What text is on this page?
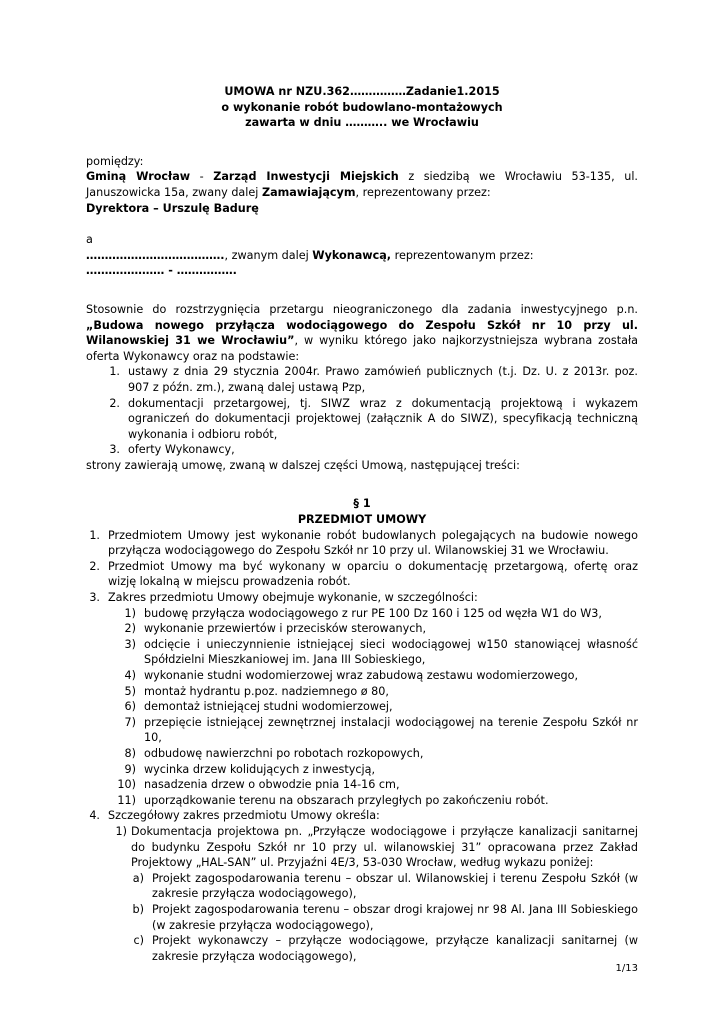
UMOWA nr NZU.362……………Zadanie1.2015
o wykonanie robót budowlano-montażowych
zawarta w dniu ……….. we Wrocławiu
pomiędzy:
Gminą Wrocław - Zarząd Inwestycji Miejskich z siedzibą we Wrocławiu 53-135, ul. Januszowicka 15a, zwany dalej Zamawiającym, reprezentowany przez:
Dyrektora – Urszulę Badurę
a
………………………………., zwanym dalej Wykonawcą, reprezentowanym przez:
………………… - …………….
Stosownie do rozstrzygnięcia przetargu nieograniczonego dla zadania inwestycyjnego p.n. „Budowa nowego przyłącza wodociągowego do Zespołu Szkół nr 10 przy ul. Wilanowskiej 31 we Wrocławiu”, w wyniku którego jako najkorzystniejsza wybrana została oferta Wykonawcy oraz na podstawie:
1. ustawy z dnia 29 stycznia 2004r. Prawo zamówień publicznych (t.j. Dz. U. z 2013r. poz. 907 z późn. zm.), zwaną dalej ustawą Pzp,
2. dokumentacji przetargowej, tj. SIWZ wraz z dokumentacją projektową i wykazem ograniczeń do dokumentacji projektowej (załącznik A do SIWZ), specyfikacją techniczną wykonania i odbioru robót,
3. oferty Wykonawcy,
strony zawierają umowę, zwaną w dalszej części Umową, następującej treści:
§ 1
PRZEDMIOT UMOWY
1. Przedmiotem Umowy jest wykonanie robót budowlanych polegających na budowie nowego przyłącza wodociągowego do Zespołu Szkół nr 10 przy ul. Wilanowskiej 31 we Wrocławiu.
2. Przedmiot Umowy ma być wykonany w oparciu o dokumentację przetargową, ofertę oraz wizję lokalną w miejscu prowadzenia robót.
3. Zakres przedmiotu Umowy obejmuje wykonanie, w szczególności:
1) budowę przyłącza wodociągowego z rur PE 100 Dz 160 i 125 od węzła W1 do W3,
2) wykonanie przewiertów i przecisków sterowanych,
3) odcięcie i unieczynnienie istniejącej sieci wodociągowej w150 stanowiącej własność Spółdzielni Mieszkaniowej im. Jana III Sobieskiego,
4) wykonanie studni wodomierzowej wraz zabudową zestawu wodomierzowego,
5) montaż hydrantu p.poz. nadziemnego ø 80,
6) demontaż istniejącej studni wodomierzowej,
7) przepięcie istniejącej zewnętrznej instalacji wodociągowej na terenie Zespołu Szkół nr 10,
8) odbudowę nawierzchni po robotach rozkopowych,
9) wycinka drzew kolidujących z inwestycją,
10) nasadzenia drzew o obwodzie pnia 14-16 cm,
11) uporządkowanie terenu na obszarach przyległych po zakończeniu robót.
4. Szczegółowy zakres przedmiotu Umowy określa:
1) Dokumentacja projektowa pn. „Przyłącze wodociągowe i przyłącze kanalizacji sanitarnej do budynku Zespołu Szkół nr 10 przy ul. wilanowskiej 31” opracowana przez Zakład Projektowy „HAL-SAN” ul. Przyjaźni 4E/3, 53-030 Wrocław, według wykazu poniżej:
a) Projekt zagospodarowania terenu – obszar ul. Wilanowskiej i terenu Zespołu Szkół (w zakresie przyłącza wodociągowego),
b) Projekt zagospodarowania terenu – obszar drogi krajowej nr 98 Al. Jana III Sobieskiego (w zakresie przyłącza wodociągowego),
c) Projekt wykonawczy – przyłącze wodociągowe, przyłącze kanalizacji sanitarnej (w zakresie przyłącza wodociągowego),
1/13
